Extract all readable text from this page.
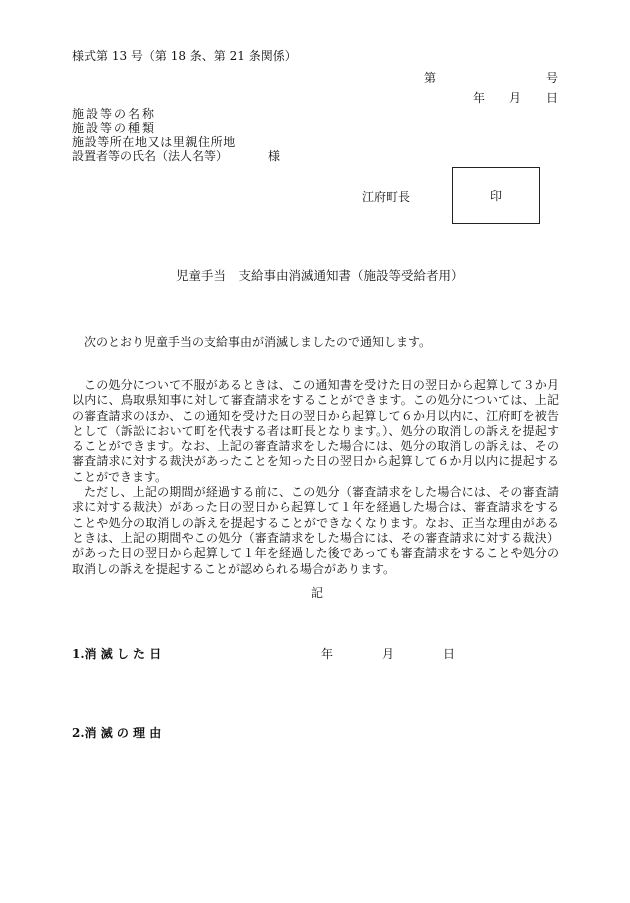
様式第 13 号（第 18 条、第 21 条関係）
第	号
年 月 日
施設等の名称
施設等の種類
施設等所在地又は里親住所地
設置者等の氏名（法人名等）	様
江府町長	印
児童手当　支給事由消滅通知書（施設等受給者用）
次のとおり児童手当の支給事由が消滅しましたので通知します。

この処分について不服があるときは、この通知書を受けた日の翌日から起算して３か月以内に、鳥取県知事に対して審査請求をすることができます。この処分については、上記の審査請求のほか、この通知を受けた日の翌日から起算して６か月以内に、江府町を被告として（訴訟において町を代表する者は町長となります。）、処分の取消しの訴えを提起することができます。なお、上記の審査請求をした場合には、処分の取消しの訴えは、その審査請求に対する裁決があったことを知った日の翌日から起算して６か月以内に提起することができます。

ただし、上記の期間が経過する前に、この処分（審査請求をした場合には、その審査請求に対する裁決）があった日の翌日から起算して１年を経過した場合は、審査請求をすることや処分の取消しの訴えを提起することができなくなります。なお、正当な理由があるときは、上記の期間やこの処分（審査請求をした場合には、その審査請求に対する裁決）があった日の翌日から起算して１年を経過した後であっても審査請求をすることや処分の取消しの訴えを提起することが認められる場合があります。

記
1.消 滅 し た 日	年	月	日
2.消 滅 の 理 由
